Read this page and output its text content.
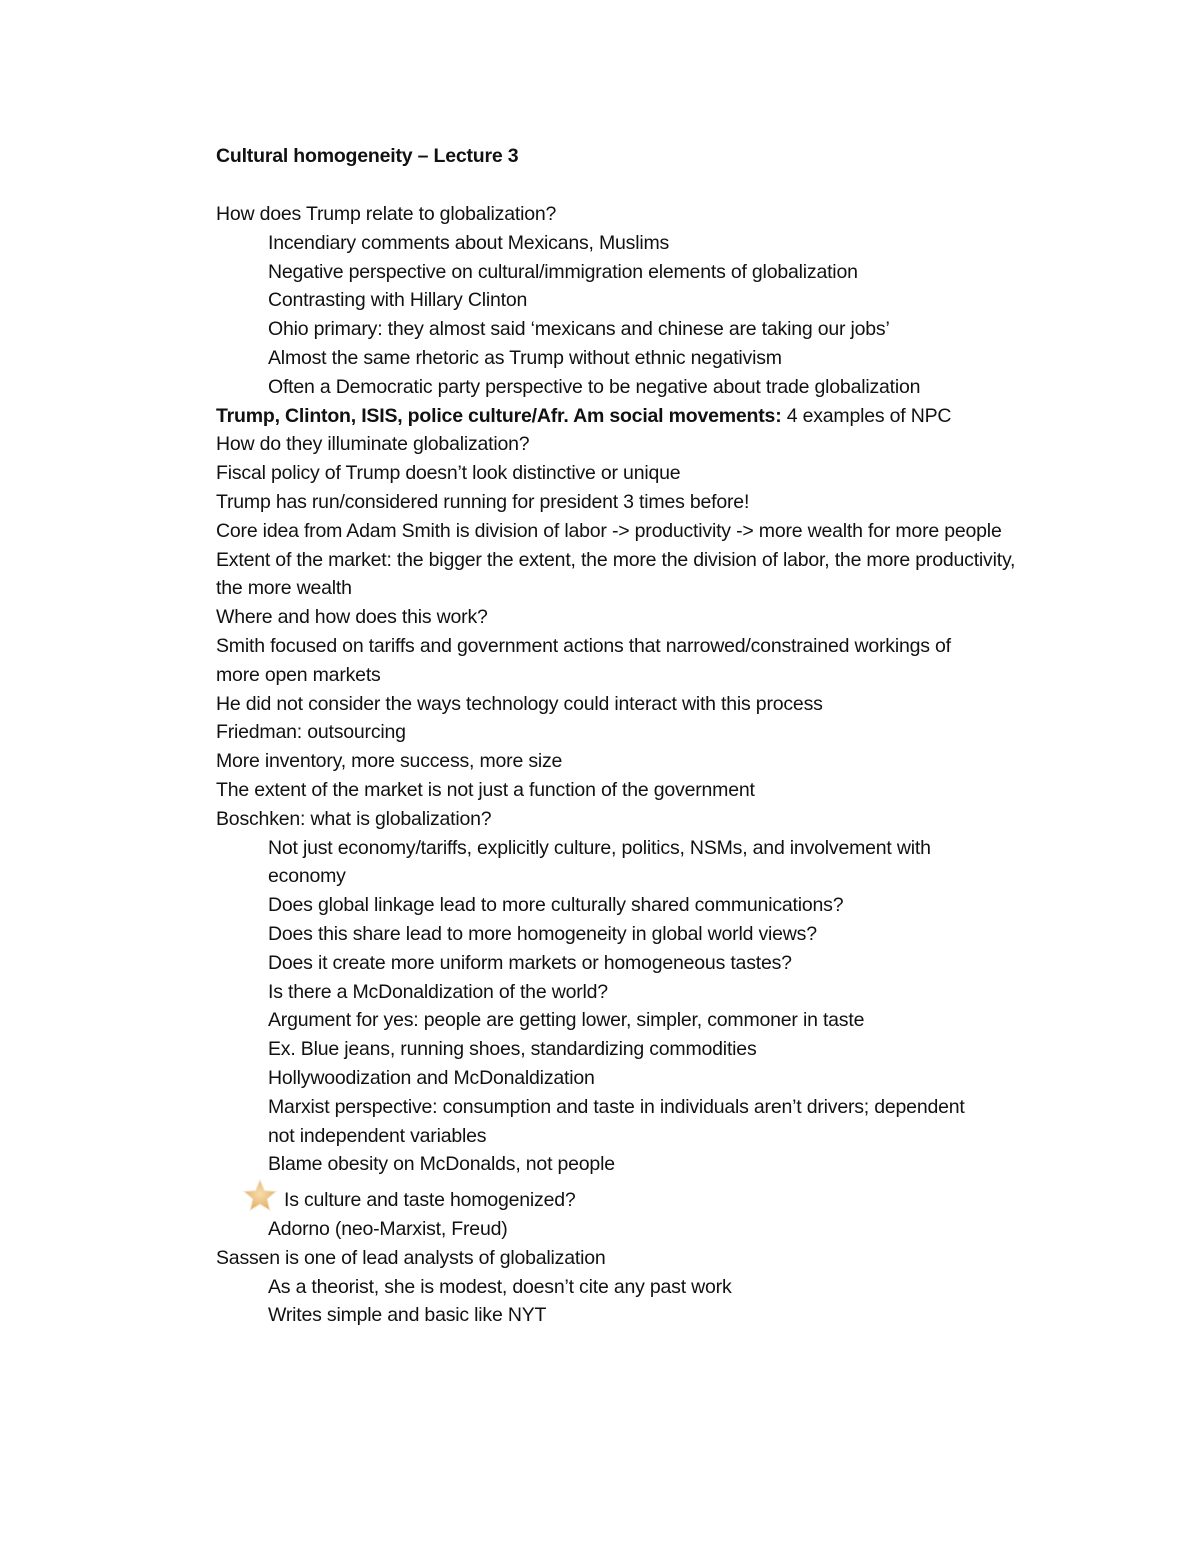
Cultural homogeneity – Lecture 3
How does Trump relate to globalization?
Incendiary comments about Mexicans, Muslims
Negative perspective on cultural/immigration elements of globalization
Contrasting with Hillary Clinton
Ohio primary: they almost said ‘mexicans and chinese are taking our jobs’
Almost the same rhetoric as Trump without ethnic negativism
Often a Democratic party perspective to be negative about trade globalization
Trump, Clinton, ISIS, police culture/Afr. Am social movements: 4 examples of NPC
How do they illuminate globalization?
Fiscal policy of Trump doesn’t look distinctive or unique
Trump has run/considered running for president 3 times before!
Core idea from Adam Smith is division of labor -> productivity -> more wealth for more people
Extent of the market: the bigger the extent, the more the division of labor, the more productivity, the more wealth
Where and how does this work?
Smith focused on tariffs and government actions that narrowed/constrained workings of more open markets
He did not consider the ways technology could interact with this process
Friedman: outsourcing
More inventory, more success, more size
The extent of the market is not just a function of the government
Boschken: what is globalization?
Not just economy/tariffs, explicitly culture, politics, NSMs, and involvement with economy
Does global linkage lead to more culturally shared communications?
Does this share lead to more homogeneity in global world views?
Does it create more uniform markets or homogeneous tastes?
Is there a McDonaldization of the world?
Argument for yes: people are getting lower, simpler, commoner in taste
Ex. Blue jeans, running shoes, standardizing commodities
Hollywoodization and McDonaldization
Marxist perspective: consumption and taste in individuals aren’t drivers; dependent not independent variables
Blame obesity on McDonalds, not people
Is culture and taste homogenized?
Adorno (neo-Marxist, Freud)
Sassen is one of lead analysts of globalization
As a theorist, she is modest, doesn’t cite any past work
Writes simple and basic like NYT
